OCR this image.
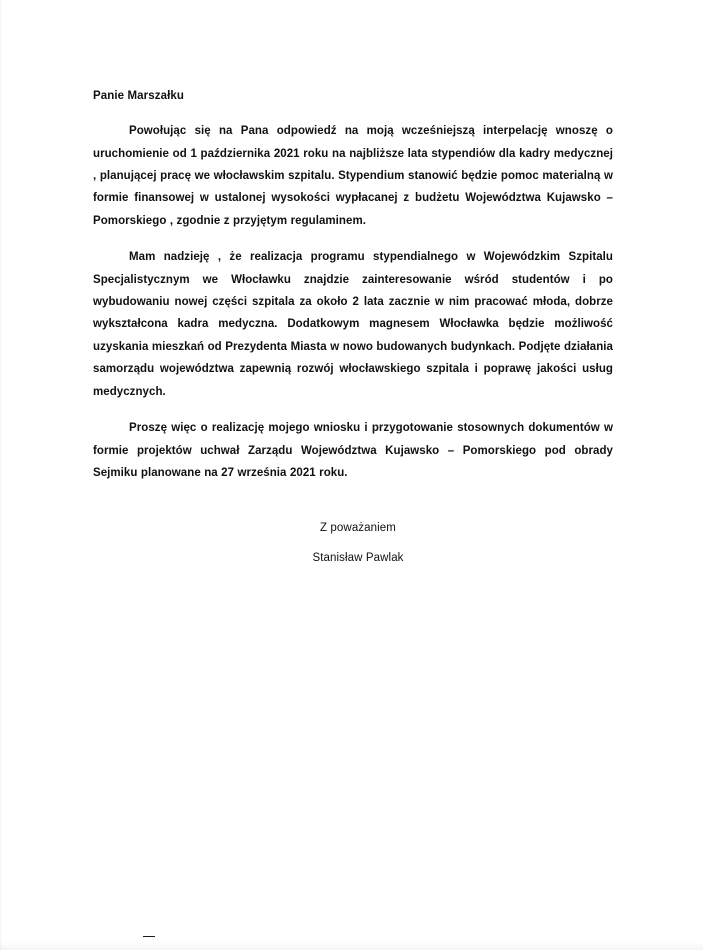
Panie Marszałku

Powołując się na Pana odpowiedź na moją wcześniejszą interpelację wnoszę o uruchomienie od 1 października 2021 roku na najbliższe lata stypendiów dla kadry medycznej , planującej pracę we włocławskim szpitalu. Stypendium stanowić będzie pomoc materialną w formie finansowej w ustalonej wysokości wypłacanej z budżetu Województwa Kujawsko – Pomorskiego , zgodnie z przyjętym regulaminem.

Mam nadzieję , że realizacja programu stypendialnego w Wojewódzkim Szpitalu Specjalistycznym we Włocławku znajdzie zainteresowanie wśród studentów i po wybudowaniu nowej części szpitala za około 2 lata zacznie w nim pracować młoda, dobrze wykształcona kadra medyczna. Dodatkowym magnesem Włocławka będzie możliwość uzyskania mieszkań od Prezydenta Miasta w nowo budowanych budynkach. Podjęte działania samorządu województwa zapewnią rozwój włocławskiego szpitala i poprawę jakości usług medycznych.

Proszę więc o realizację mojego wniosku i przygotowanie stosownych dokumentów w formie projektów uchwał Zarządu Województwa Kujawsko – Pomorskiego pod obrady Sejmiku planowane na 27 września 2021 roku.

Z poważaniem
Stanisław Pawlak
